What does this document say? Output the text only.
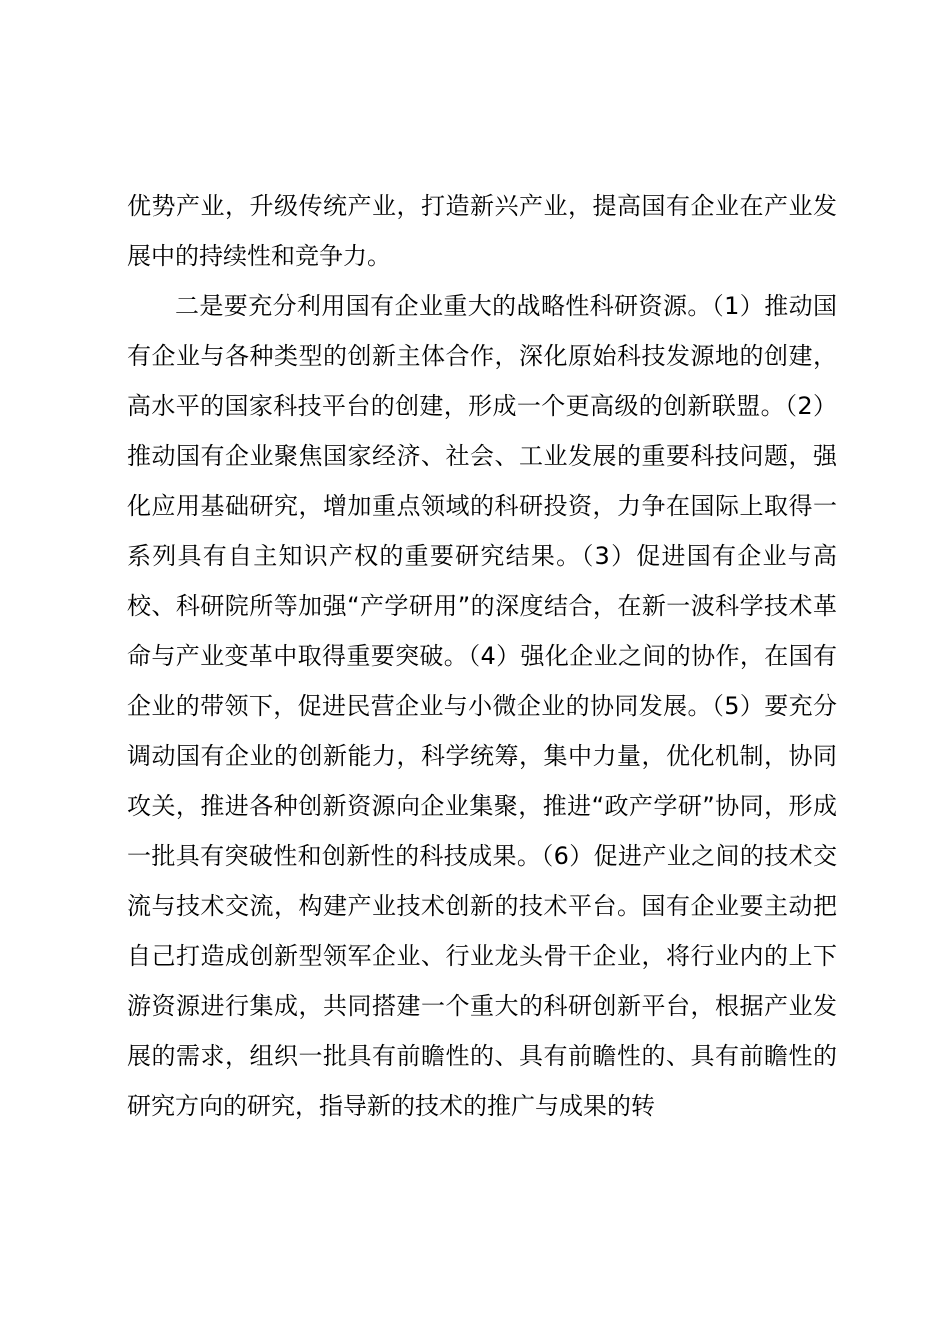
优势产业，升级传统产业，打造新兴产业，提高国有企业在产业发展中的持续性和竞争力。

二是要充分利用国有企业重大的战略性科研资源。（1）推动国有企业与各种类型的创新主体合作，深化原始科技发源地的创建，高水平的国家科技平台的创建，形成一个更高级的创新联盟。（2）推动国有企业聚焦国家经济、社会、工业发展的重要科技问题，强化应用基础研究，增加重点领域的科研投资，力争在国际上取得一系列具有自主知识产权的重要研究结果。（3）促进国有企业与高校、科研院所等加强“产学研用”的深度结合，在新一波科学技术革命与产业变革中取得重要突破。（4）强化企业之间的协作，在国有企业的带领下，促进民营企业与小微企业的协同发展。（5）要充分调动国有企业的创新能力，科学统筹，集中力量，优化机制，协同攻关，推进各种创新资源向企业集聚，推进“政产学研”协同，形成一批具有突破性和创新性的科技成果。（6）促进产业之间的技术交流与技术交流，构建产业技术创新的技术平台。国有企业要主动把自己打造成创新型领军企业、行业龙头骨干企业，将行业内的上下游资源进行集成，共同搭建一个重大的科研创新平台，根据产业发展的需求，组织一批具有前瞻性的、具有前瞻性的、具有前瞻性的研究方向的研究，指导新的技术的推广与成果的转
